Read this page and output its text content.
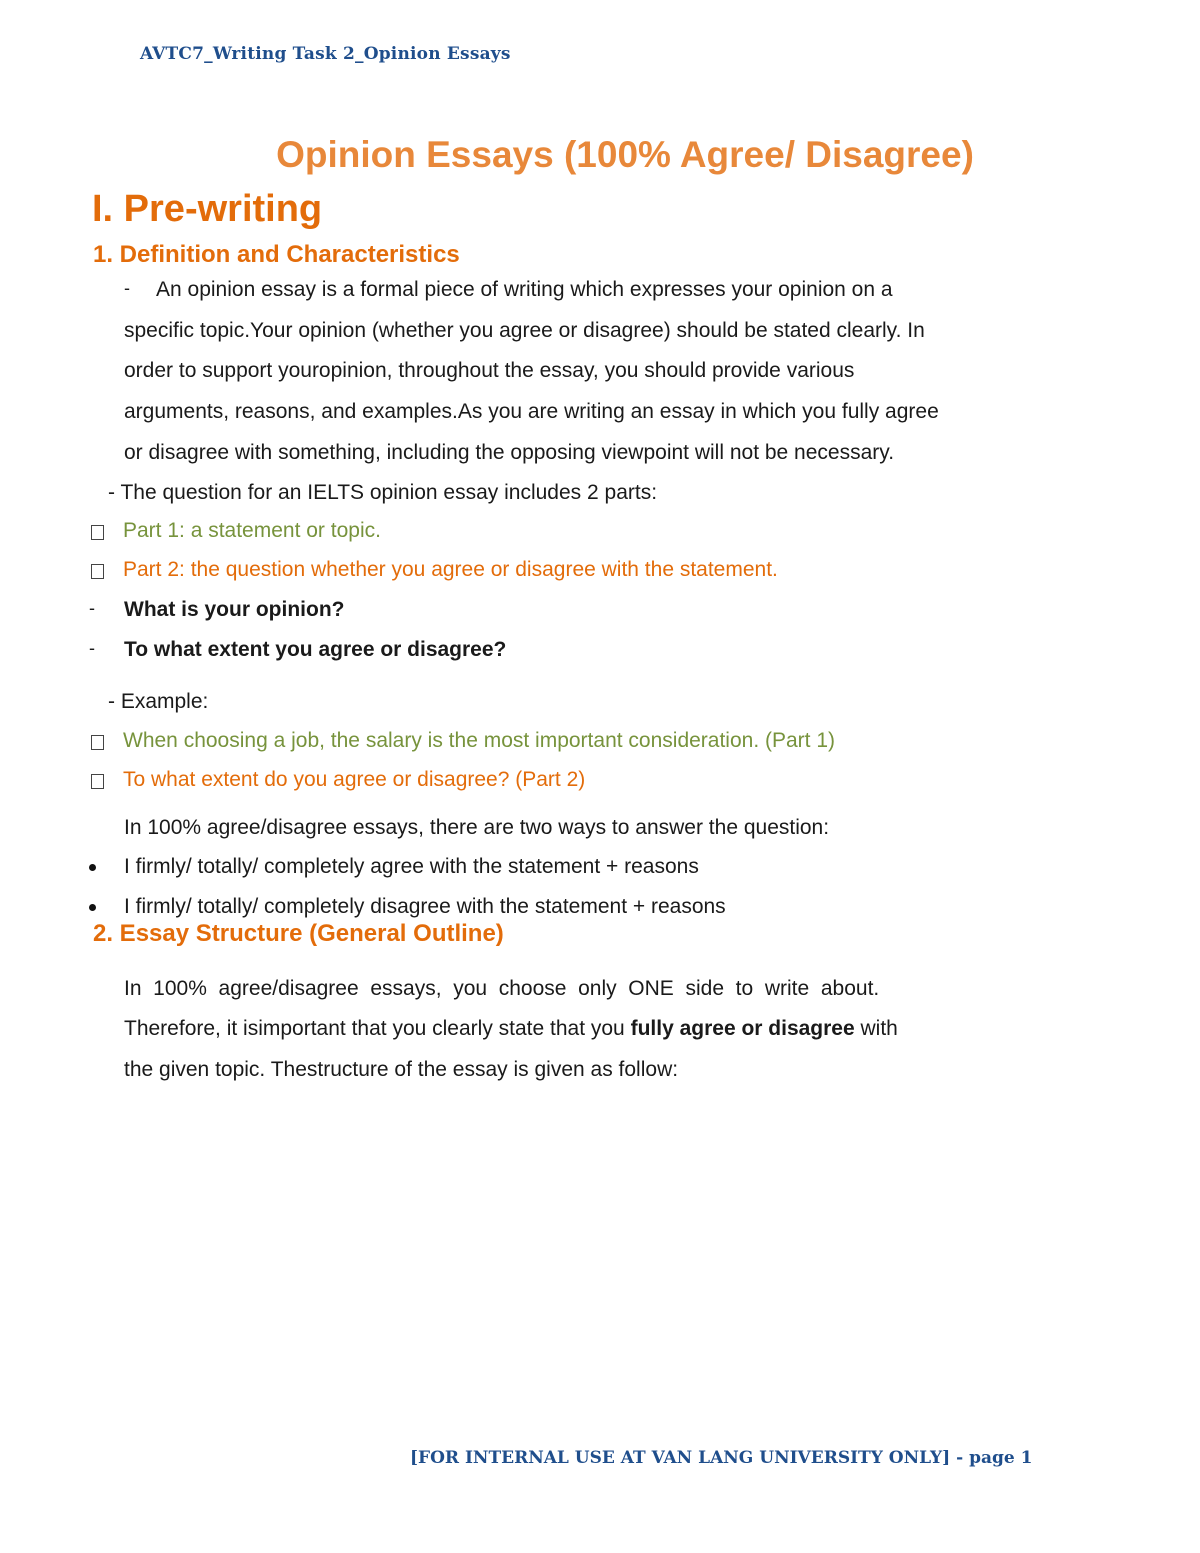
AVTC7_Writing Task 2_Opinion Essays
Opinion Essays (100% Agree/ Disagree)
I. Pre-writing
1. Definition and Characteristics
- An opinion essay is a formal piece of writing which expresses your opinion on a
specific topic.Your opinion (whether you agree or disagree) should be stated clearly. In
order to support youropinion, throughout the essay, you should provide various
arguments, reasons, and examples.As you are writing an essay in which you fully agree
or disagree with something, including the opposing viewpoint will not be necessary.
- The question for an IELTS opinion essay includes 2 parts:
Part 1: a statement or topic.
Part 2: the question whether you agree or disagree with the statement.
- What is your opinion?
- To what extent you agree or disagree?
- Example:
When choosing a job, the salary is the most important consideration. (Part 1)
To what extent do you agree or disagree? (Part 2)
In 100% agree/disagree essays, there are two ways to answer the question:
I firmly/ totally/ completely agree with the statement + reasons
I firmly/ totally/ completely disagree with the statement + reasons
2. Essay Structure (General Outline)
In  100%  agree/disagree  essays,  you  choose  only  ONE  side  to  write  about.
Therefore, it isimportant that you clearly state that you fully agree or disagree with
the given topic. Thestructure of the essay is given as follow:
[FOR INTERNAL USE AT VAN LANG UNIVERSITY ONLY] - page 1
